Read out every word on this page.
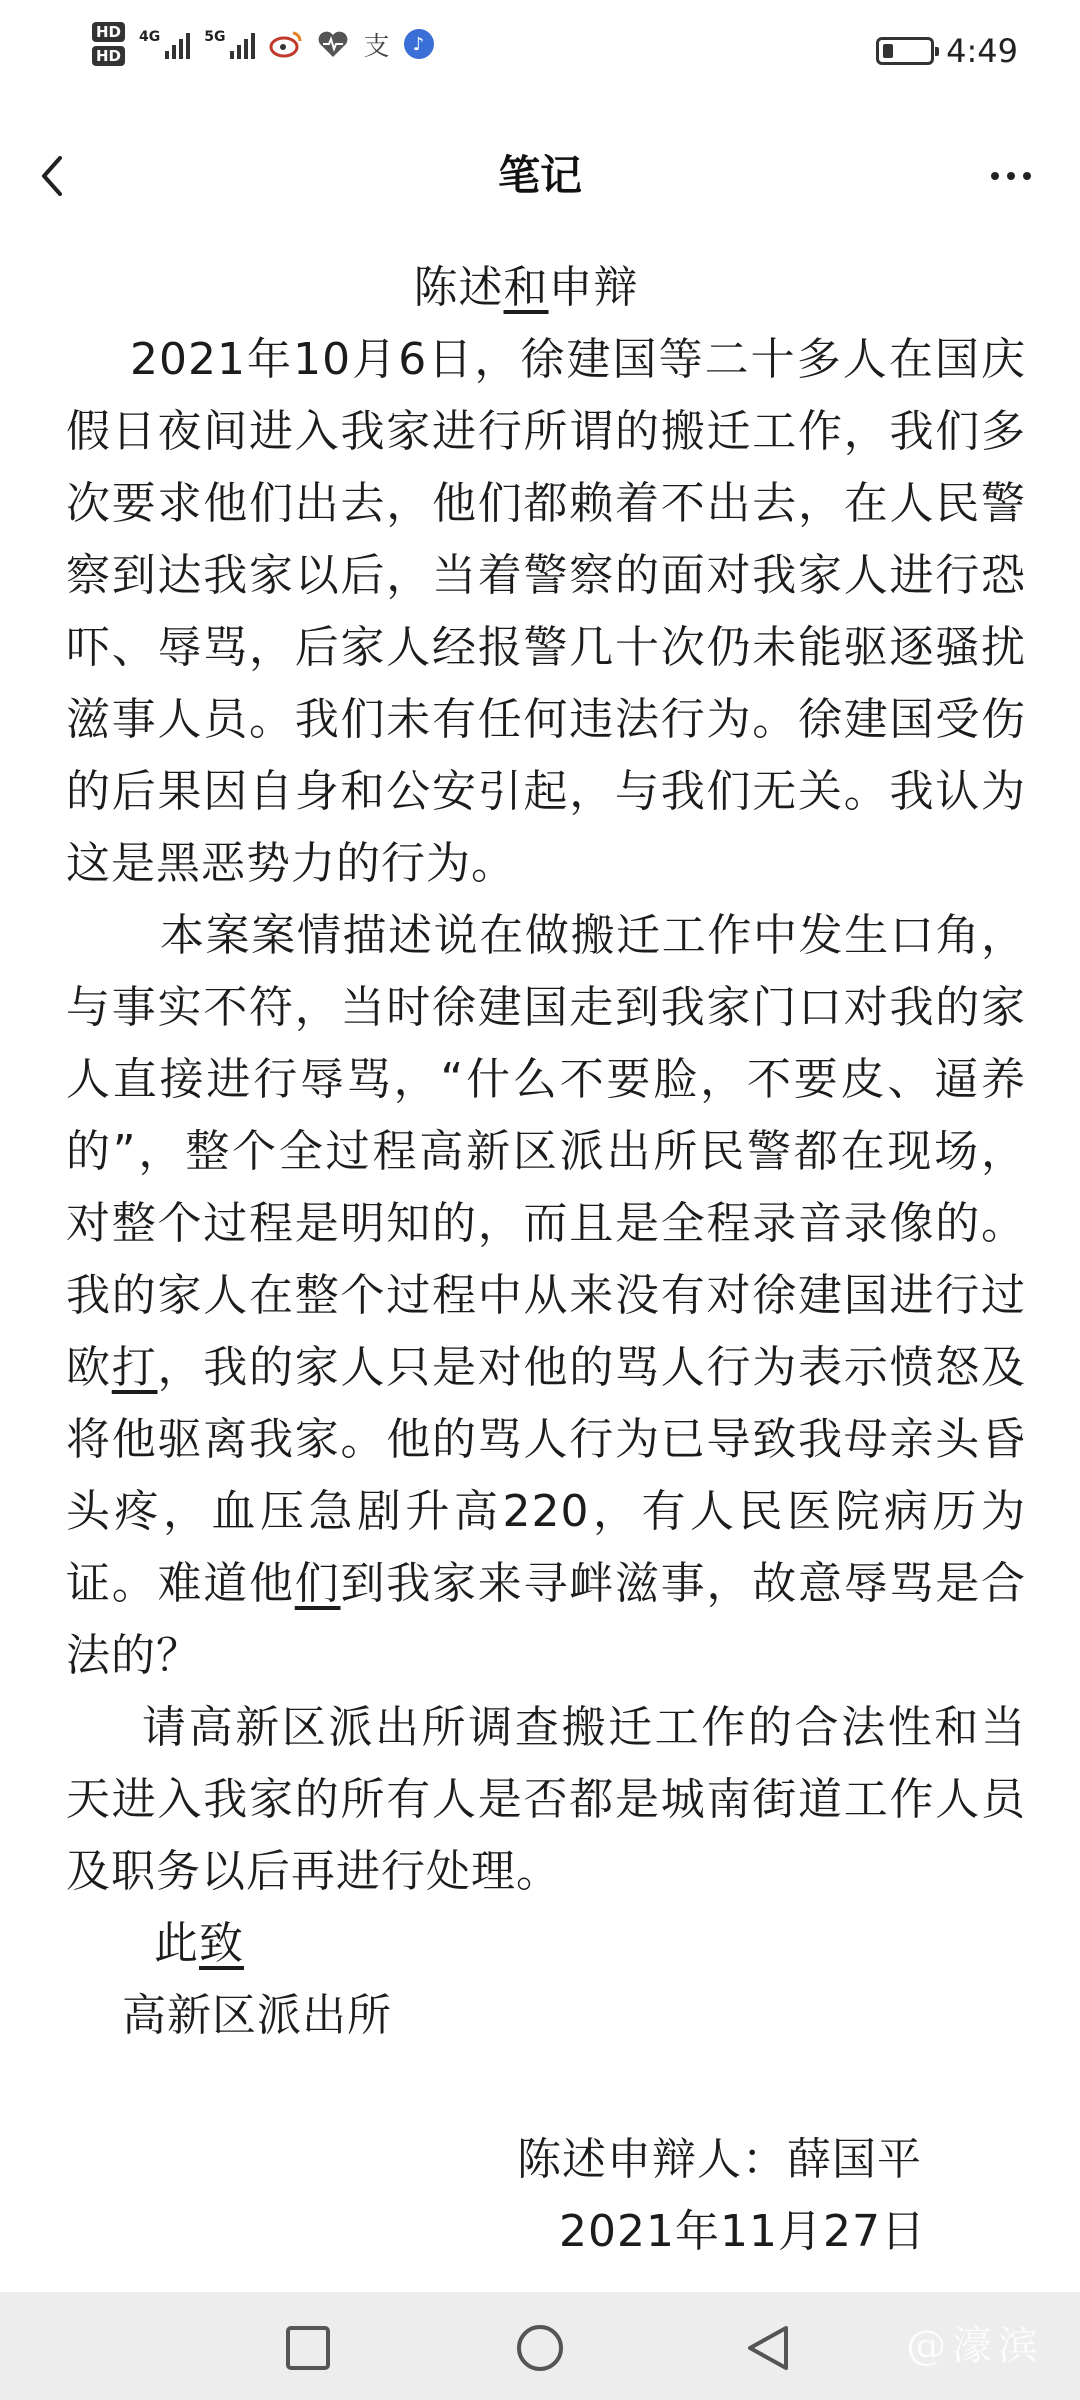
HD
HD
4G	5G	支	♪	4:49
笔记
陈述和申辩

2021年10月6日，徐建国等二十多人在国庆假日夜间进入我家进行所谓的搬迁工作，我们多次要求他们出去，他们都赖着不出去，在人民警察到达我家以后，当着警察的面对我家人进行恐吓、辱骂，后家人经报警几十次仍未能驱逐骚扰滋事人员。我们未有任何违法行为。徐建国受伤的后果因自身和公安引起，与我们无关。我认为这是黑恶势力的行为。

本案案情描述说在做搬迁工作中发生口角，与事实不符，当时徐建国走到我家门口对我的家人直接进行辱骂，“什么不要脸，不要皮、逼养的”，整个全过程高新区派出所民警都在现场，对整个过程是明知的，而且是全程录音录像的。我的家人在整个过程中从来没有对徐建国进行过欧打，我的家人只是对他的骂人行为表示愤怒及将他驱离我家。他的骂人行为已导致我母亲头昏头疼，血压急剧升高220，有人民医院病历为证。难道他们到我家来寻衅滋事，故意辱骂是合法的？

请高新区派出所调查搬迁工作的合法性和当天进入我家的所有人是否都是城南街道工作人员及职务以后再进行处理。

此致
高新区派出所
陈述申辩人：薛国平
2021年11月27日
@濠滨
